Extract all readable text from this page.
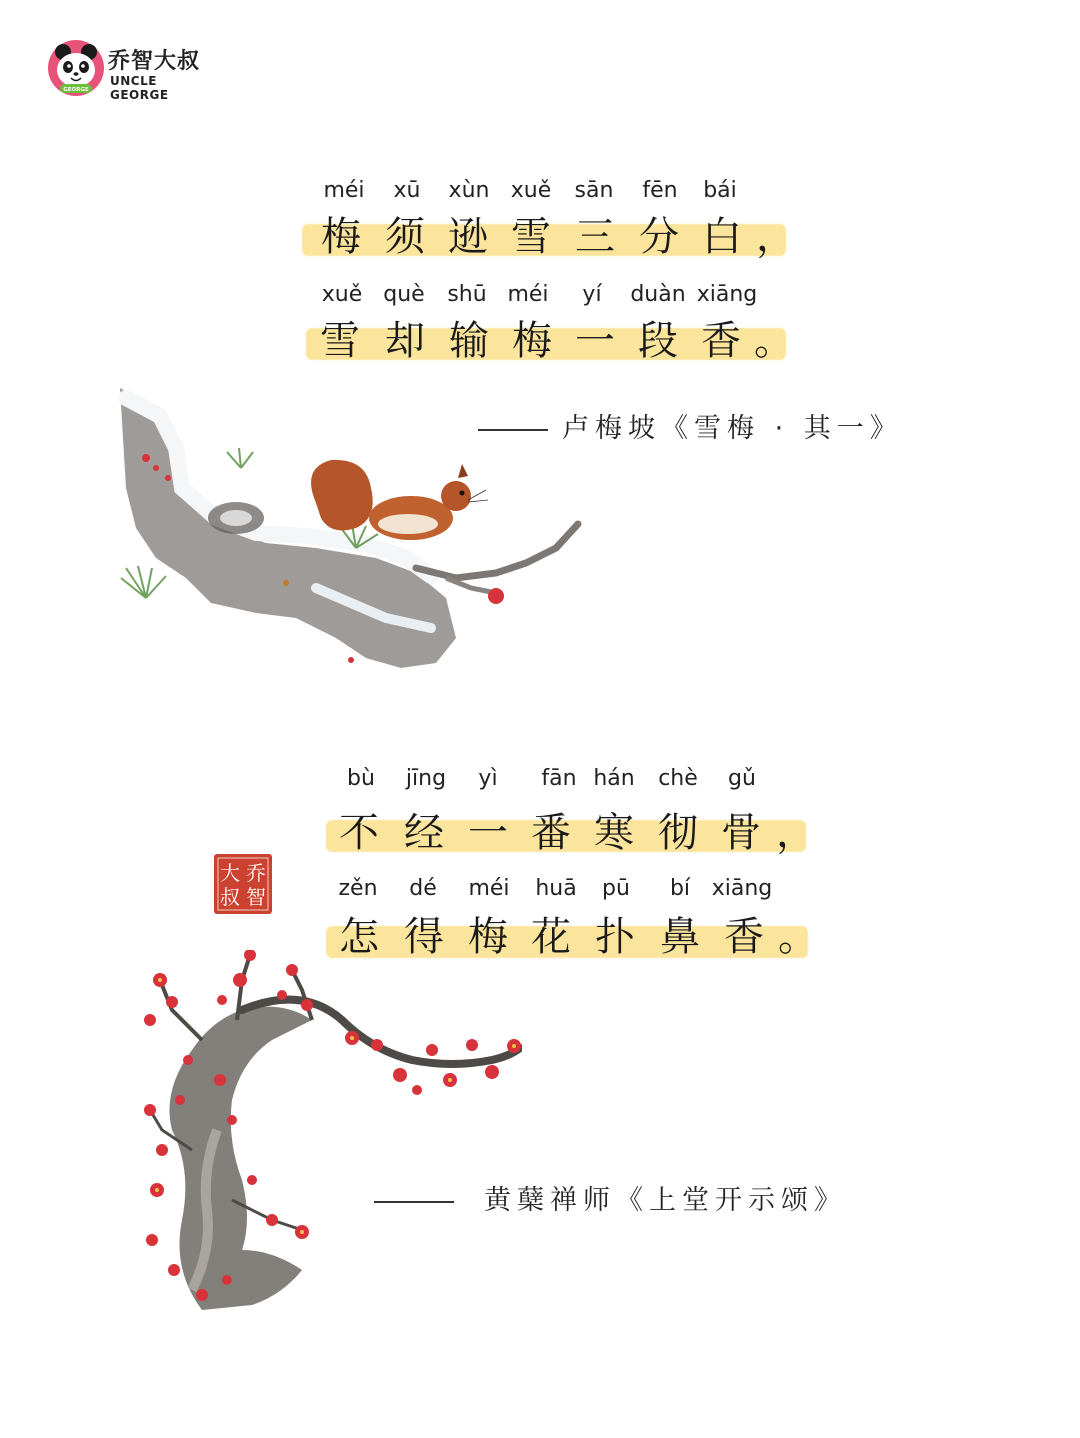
GEORGE
乔智大叔
UNCLE GEORGE
méi xū xùn xuě sān fēn bái
梅 须 逊 雪 三 分 白 ，
xuě què shū méi yí duàn xiāng
雪 却 输 梅 一 段 香 。
卢梅坡《雪梅 · 其一》
bù jīng yì fān hán chè gǔ
不 经 一 番 寒 彻 骨 ，
zěn dé méi huā pū bí xiāng
怎 得 梅 花 扑 鼻 香 。
黄蘖禅师《上堂开示颂》
乔
智
大
叔
